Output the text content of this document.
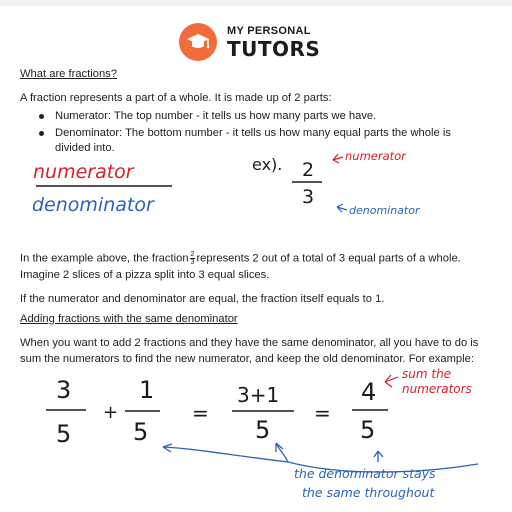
MY PERSONAL
TUTORS
What are fractions?
A fraction represents a part of a whole. It is made up of 2 parts:
Numerator: The top number - it tells us how many parts we have.
Denominator: The bottom number - it tells us how many equal parts the whole is
divided into.
numerator
denominator
ex). 2
3
numerator
denominator
In the example above, the fraction $\frac{2}{3}$ represents 2 out of a total of 3 equal parts of a whole.
Imagine 2 slices of a pizza split into 3 equal slices.
If the numerator and denominator are equal, the fraction itself equals to 1.
Adding fractions with the same denominator
When you want to add 2 fractions and they have the same denominator, all you have to do is
sum the numerators to find the new numerator, and keep the old denominator. For example:
3
5
+
1
5
=
3+1
5
=
4
5
sum the
numerators
the denominator stays
the same throughout
